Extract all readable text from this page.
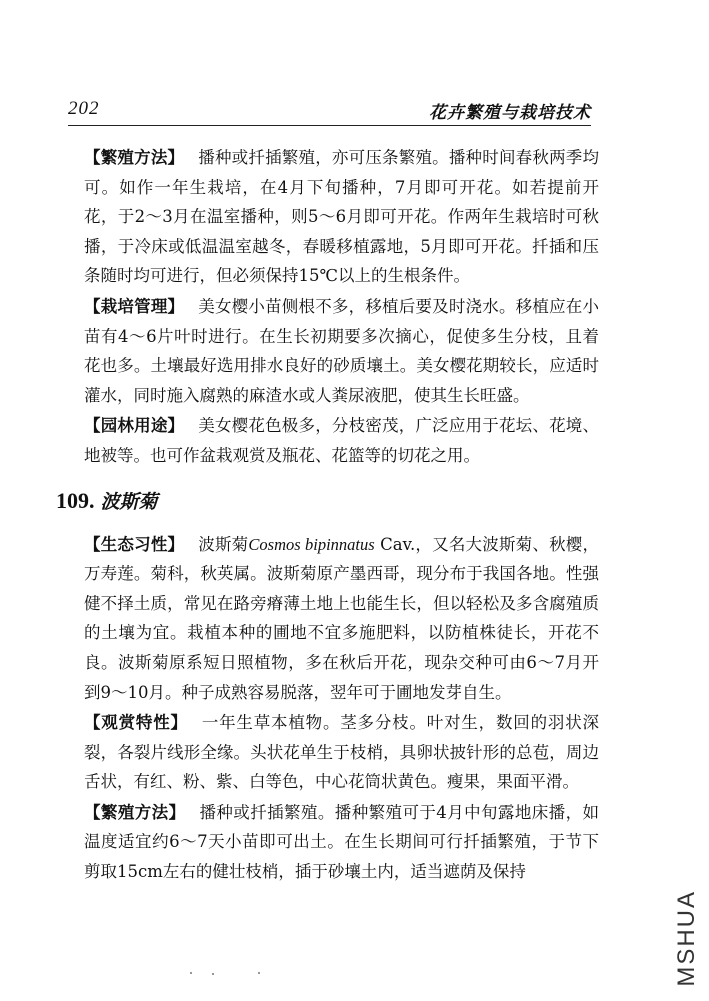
202	花卉繁殖与栽培技术

【繁殖方法】 播种或扦插繁殖，亦可压条繁殖。播种时间春秋两季均可。如作一年生栽培，在4月下旬播种，7月即可开花。如若提前开花，于2～3月在温室播种，则5～6月即可开花。作两年生栽培时可秋播，于冷床或低温温室越冬，春暖移植露地，5月即可开花。扦插和压条随时均可进行，但必须保持15℃以上的生根条件。

【栽培管理】 美女樱小苗侧根不多，移植后要及时浇水。移植应在小苗有4～6片叶时进行。在生长初期要多次摘心，促使多生分枝，且着花也多。土壤最好选用排水良好的砂质壤土。美女樱花期较长，应适时灌水，同时施入腐熟的麻渣水或人粪尿液肥，使其生长旺盛。

【园林用途】 美女樱花色极多，分枝密茂，广泛应用于花坛、花境、地被等。也可作盆栽观赏及瓶花、花篮等的切花之用。

109. 波斯菊

【生态习性】 波斯菊Cosmos bipinnatus Cav.，又名大波斯菊、秋樱，万寿莲。菊科，秋英属。波斯菊原产墨西哥，现分布于我国各地。性强健不择土质，常见在路旁瘠薄土地上也能生长，但以轻松及多含腐殖质的土壤为宜。栽植本种的圃地不宜多施肥料，以防植株徒长，开花不良。波斯菊原系短日照植物，多在秋后开花，现杂交种可由6～7月开到9～10月。种子成熟容易脱落，翌年可于圃地发芽自生。

【观赏特性】 一年生草本植物。茎多分枝。叶对生，数回的羽状深裂，各裂片线形全缘。头状花单生于枝梢，具卵状披针形的总苞，周边舌状，有红、粉、紫、白等色，中心花筒状黄色。瘦果，果面平滑。

【繁殖方法】 播种或扦插繁殖。播种繁殖可于4月中旬露地床播，如温度适宜约6～7天小苗即可出土。在生长期间可行扦插繁殖，于节下剪取15cm左右的健壮枝梢，插于砂壤土内，适当遮荫及保持

MSHUA
